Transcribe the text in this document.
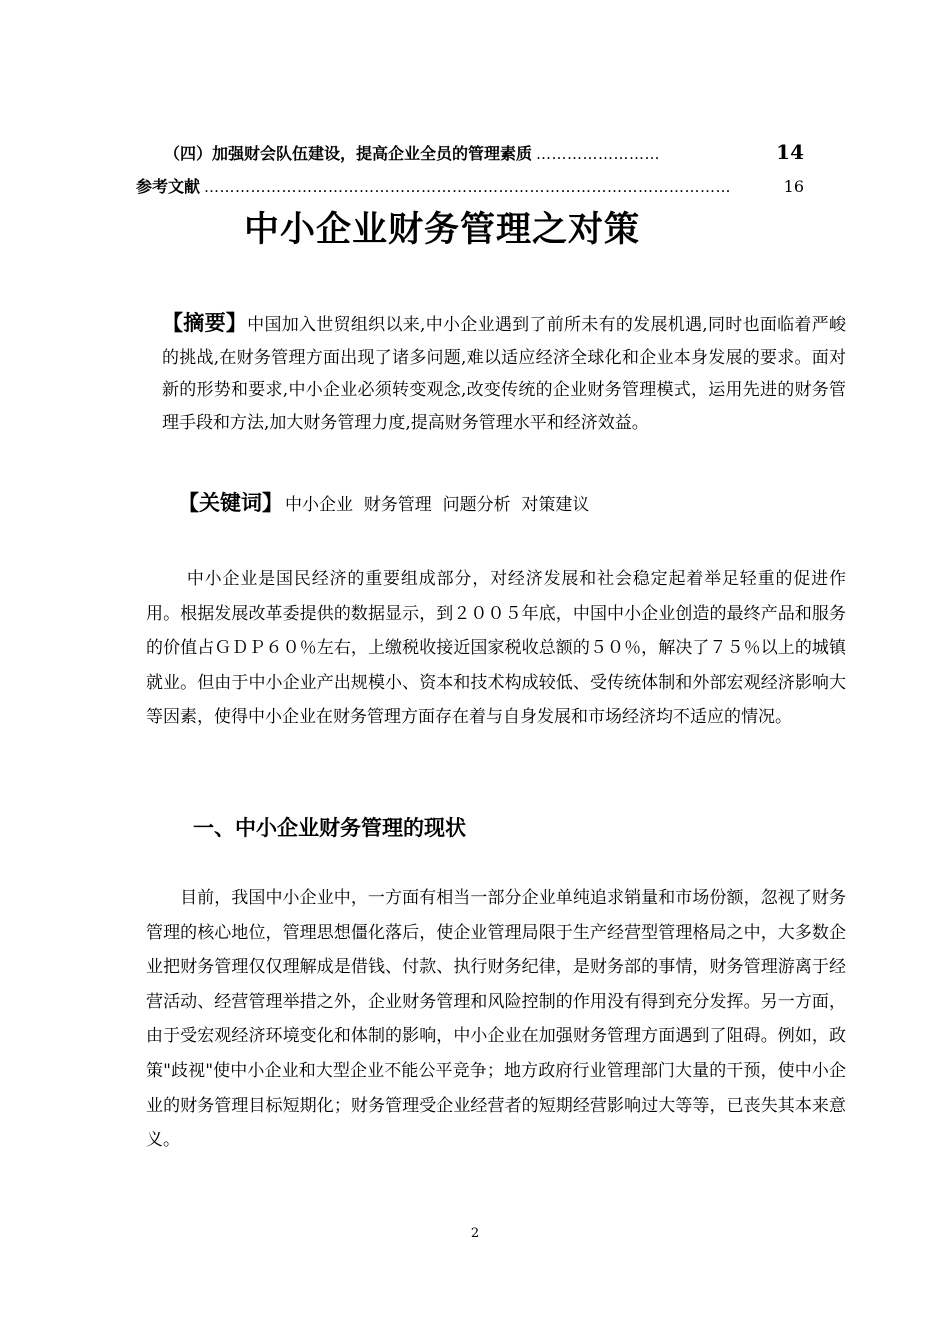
（四）加强财会队伍建设，提高企业全员的管理素质 ……………………	14
参考文献 …………………………………………………………………………………………	16
中小企业财务管理之对策
【摘要】中国加入世贸组织以来,中小企业遇到了前所未有的发展机遇,同时也面临着严峻的挑战,在财务管理方面出现了诸多问题,难以适应经济全球化和企业本身发展的要求。面对新的形势和要求,中小企业必须转变观念,改变传统的企业财务管理模式，运用先进的财务管理手段和方法,加大财务管理力度,提高财务管理水平和经济效益。
【关键词】 中小企业  财务管理  问题分析  对策建议
中小企业是国民经济的重要组成部分，对经济发展和社会稳定起着举足轻重的促进作用。根据发展改革委提供的数据显示，到２００５年底，中国中小企业创造的最终产品和服务的价值占ＧＤＰ６０％左右，上缴税收接近国家税收总额的５０％，解决了７５％以上的城镇就业。但由于中小企业产出规模小、资本和技术构成较低、受传统体制和外部宏观经济影响大等因素，使得中小企业在财务管理方面存在着与自身发展和市场经济均不适应的情况。
一、中小企业财务管理的现状
目前，我国中小企业中，一方面有相当一部分企业单纯追求销量和市场份额，忽视了财务管理的核心地位，管理思想僵化落后，使企业管理局限于生产经营型管理格局之中，大多数企业把财务管理仅仅理解成是借钱、付款、执行财务纪律，是财务部的事情，财务管理游离于经营活动、经营管理举措之外，企业财务管理和风险控制的作用没有得到充分发挥。另一方面，由于受宏观经济环境变化和体制的影响，中小企业在加强财务管理方面遇到了阻碍。例如，政策"歧视"使中小企业和大型企业不能公平竞争；地方政府行业管理部门大量的干预，使中小企业的财务管理目标短期化；财务管理受企业经营者的短期经营影响过大等等，已丧失其本来意义。
2
